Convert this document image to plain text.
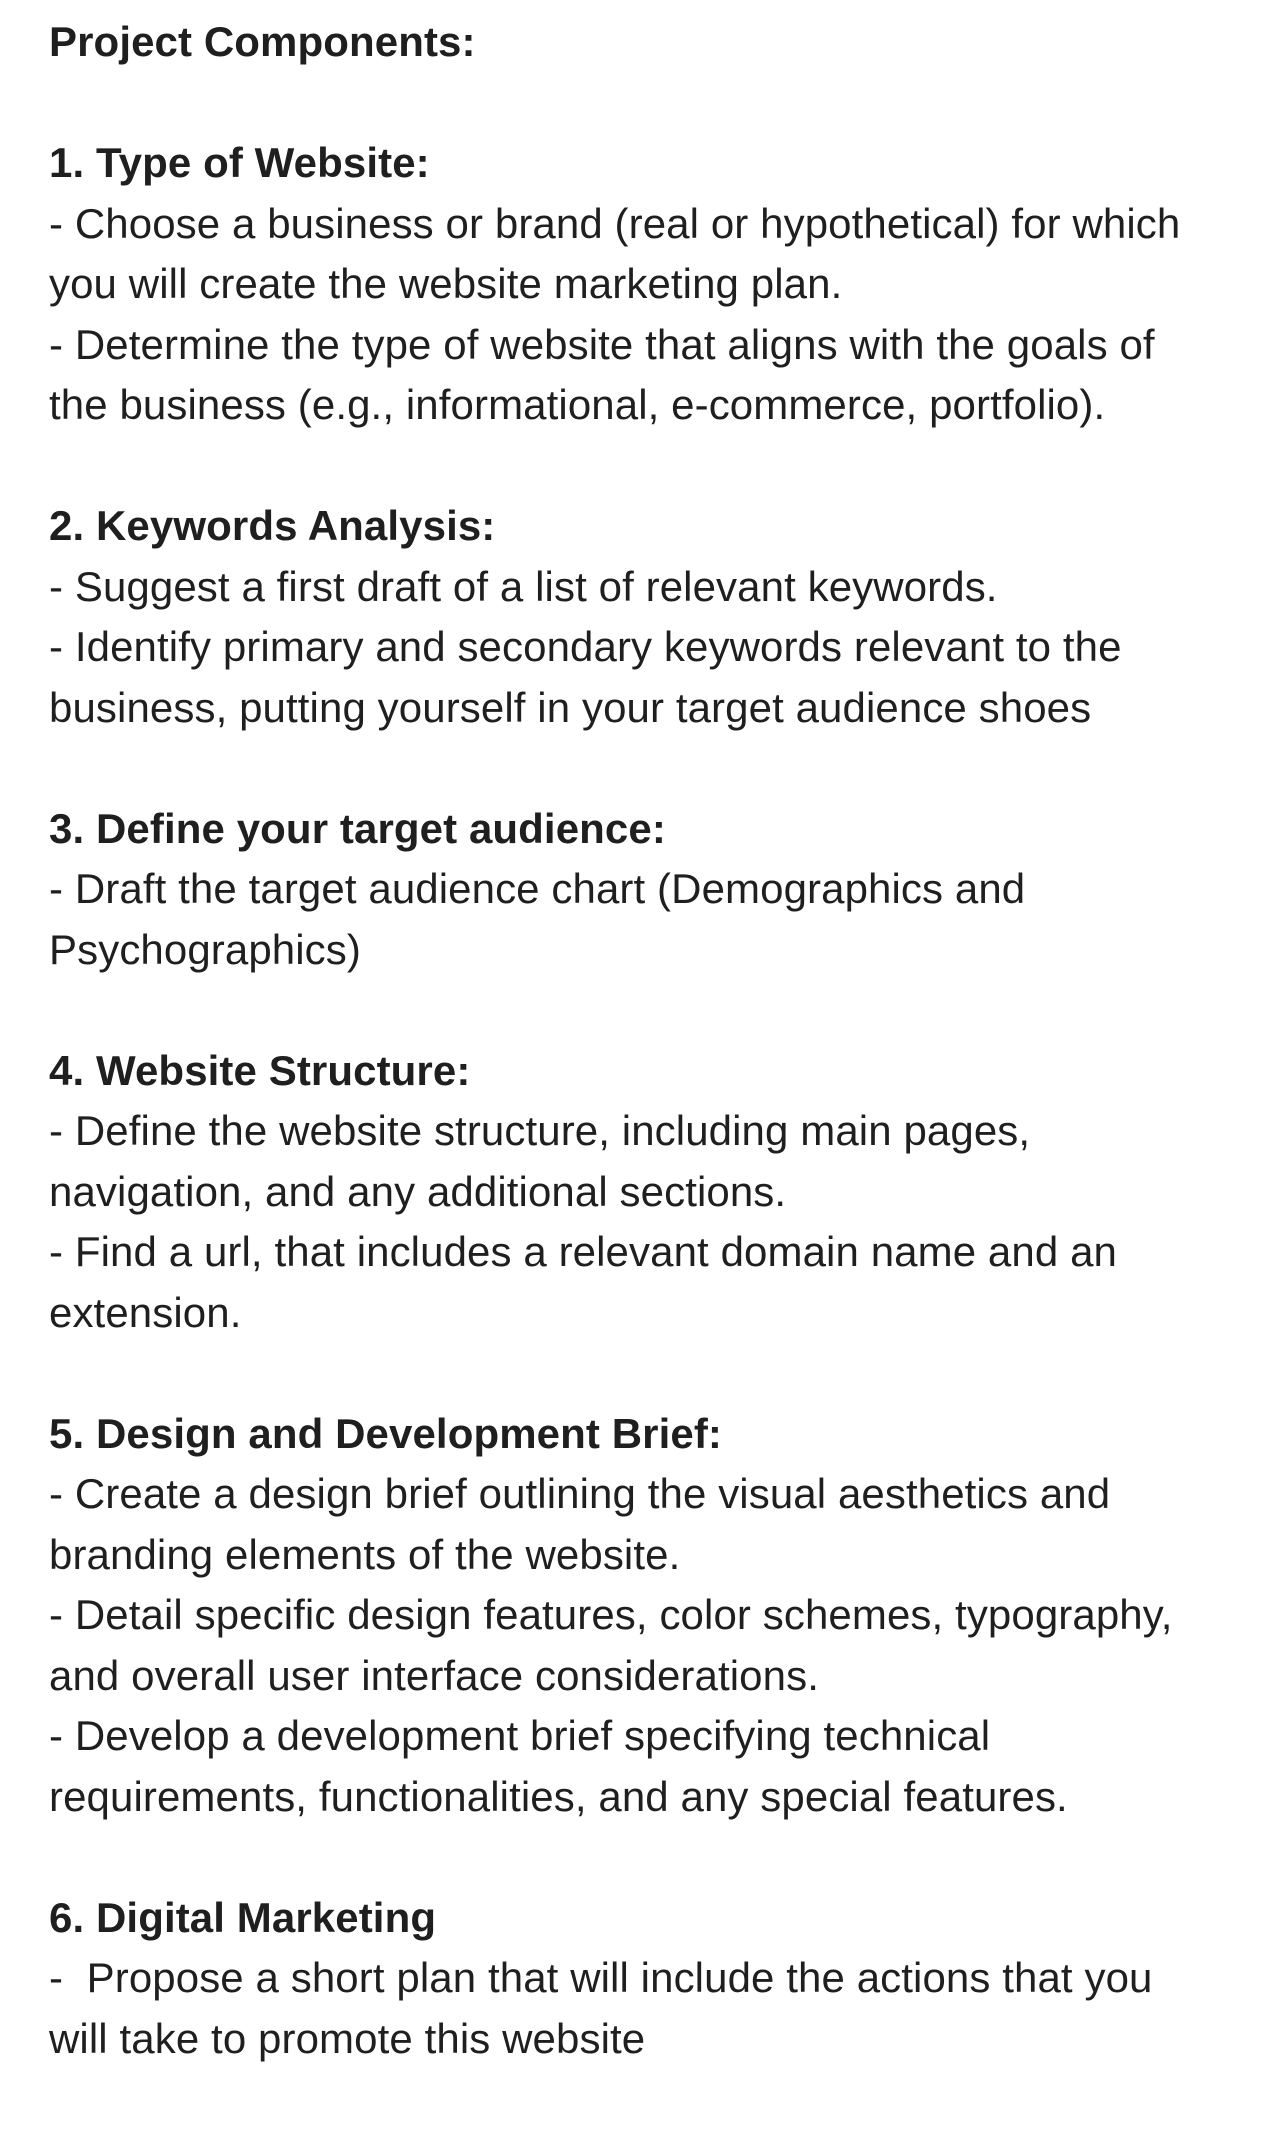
Project Components:
1. Type of Website:
- Choose a business or brand (real or hypothetical) for which
you will create the website marketing plan.
- Determine the type of website that aligns with the goals of
the business (e.g., informational, e-commerce, portfolio).
2. Keywords Analysis:
- Suggest a first draft of a list of relevant keywords.
- Identify primary and secondary keywords relevant to the
business, putting yourself in your target audience shoes
3. Define your target audience:
- Draft the target audience chart (Demographics and
Psychographics)
4. Website Structure:
- Define the website structure, including main pages,
navigation, and any additional sections.
- Find a url, that includes a relevant domain name and an
extension.
5. Design and Development Brief:
- Create a design brief outlining the visual aesthetics and
branding elements of the website.
- Detail specific design features, color schemes, typography,
and overall user interface considerations.
- Develop a development brief specifying technical
requirements, functionalities, and any special features.
6. Digital Marketing
-  Propose a short plan that will include the actions that you
will take to promote this website
